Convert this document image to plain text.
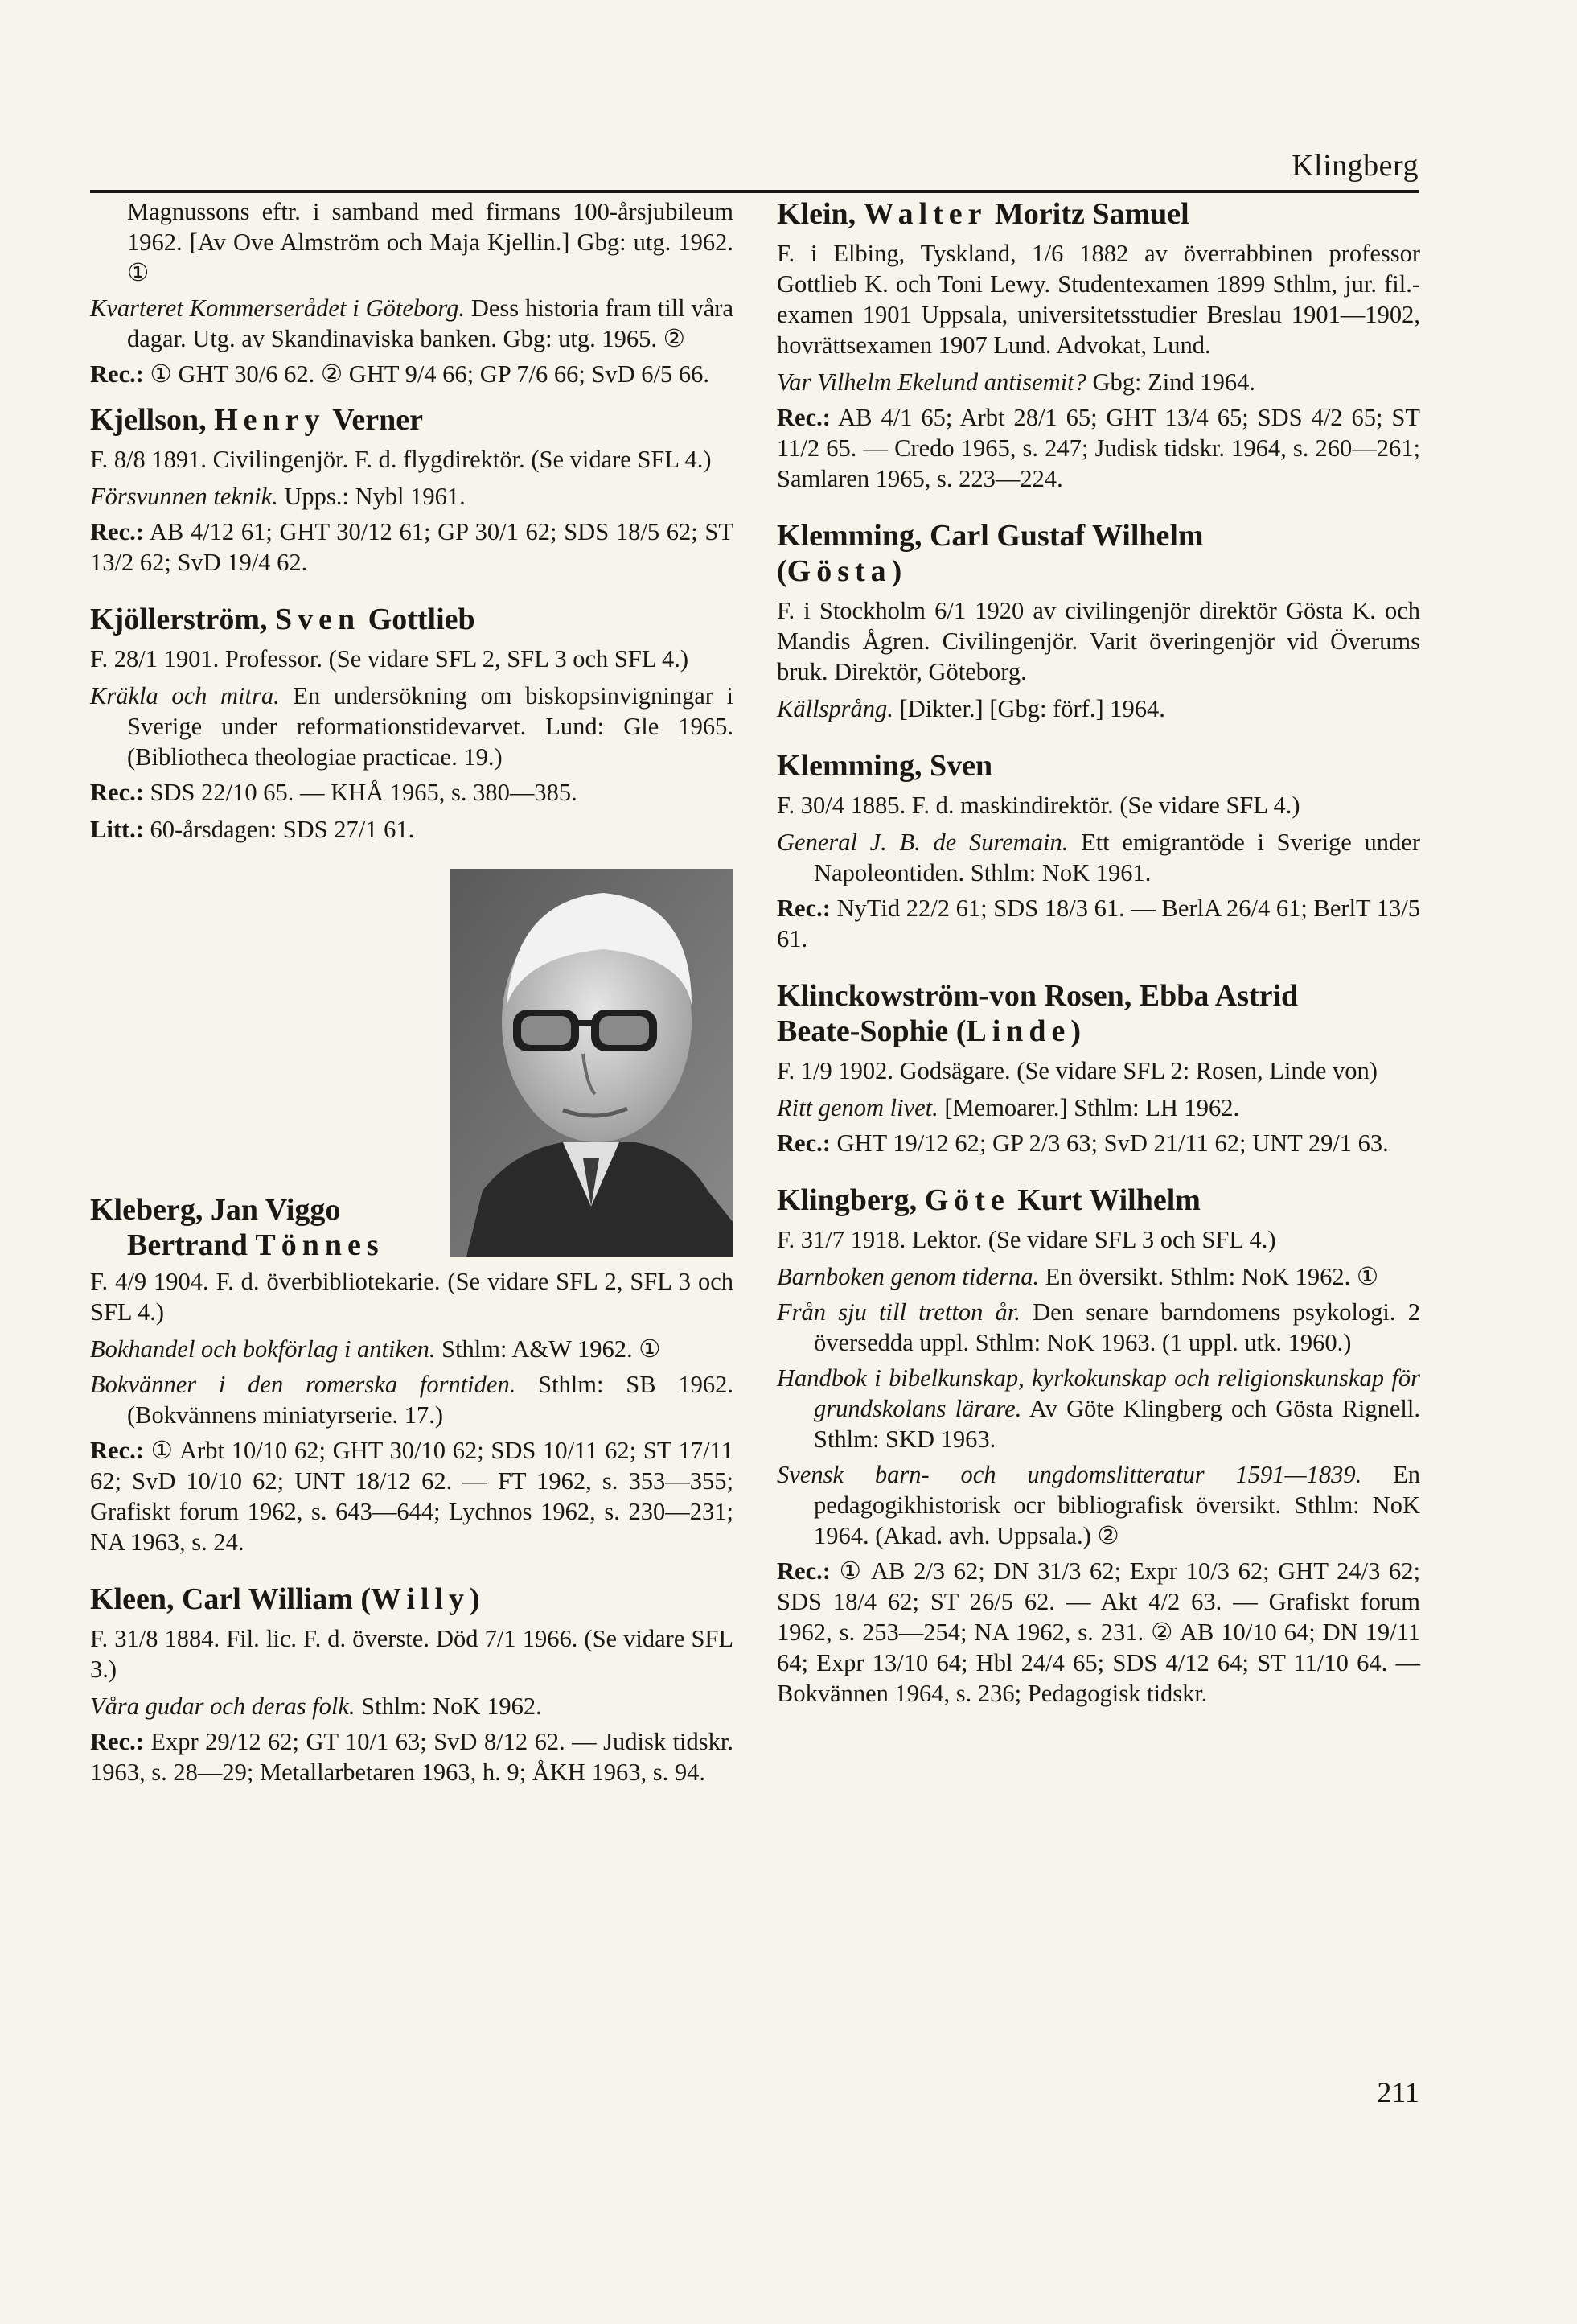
Klingberg

Magnussons eftr. i samband med firmans 100-årsjubileum 1962. [Av Ove Almström och Maja Kjellin.] Gbg: utg. 1962. ①

Kvarteret Kommerserådet i Göteborg. Dess historia fram till våra dagar. Utg. av Skandinaviska banken. Gbg: utg. 1965. ②

Rec.: ① GHT 30/6 62. ② GHT 9/4 66; GP 7/6 66; SvD 6/5 66.

Kjellson, Henry Verner

F. 8/8 1891. Civilingenjör. F. d. flygdirektör. (Se vidare SFL 4.)

Försvunnen teknik. Upps.: Nybl 1961.

Rec.: AB 4/12 61; GHT 30/12 61; GP 30/1 62; SDS 18/5 62; ST 13/2 62; SvD 19/4 62.

Kjöllerström, Sven Gottlieb

F. 28/1 1901. Professor. (Se vidare SFL 2, SFL 3 och SFL 4.)

Kräkla och mitra. En undersökning om biskopsinvigningar i Sverige under reformationstidevarvet. Lund: Gle 1965. (Bibliotheca theologiae practicae. 19.)

Rec.: SDS 22/10 65. — KHÅ 1965, s. 380—385.

Litt.: 60-årsdagen: SDS 27/1 61.

Kleberg, Jan Viggo
Bertrand Tönnes

F. 4/9 1904. F. d. överbibliotekarie. (Se vidare SFL 2, SFL 3 och SFL 4.)

Bokhandel och bokförlag i antiken. Sthlm: A&W 1962. ①

Bokvänner i den romerska forntiden. Sthlm: SB 1962. (Bokvännens miniatyrserie. 17.)

Rec.: ① Arbt 10/10 62; GHT 30/10 62; SDS 10/11 62; ST 17/11 62; SvD 10/10 62; UNT 18/12 62. — FT 1962, s. 353—355; Grafiskt forum 1962, s. 643—644; Lychnos 1962, s. 230—231; NA 1963, s. 24.

Kleen, Carl William (Willy)

F. 31/8 1884. Fil. lic. F. d. överste. Död 7/1 1966. (Se vidare SFL 3.)

Våra gudar och deras folk. Sthlm: NoK 1962.

Rec.: Expr 29/12 62; GT 10/1 63; SvD 8/12 62. — Judisk tidskr. 1963, s. 28—29; Metallarbetaren 1963, h. 9; ÅKH 1963, s. 94.

Klein, Walter Moritz Samuel

F. i Elbing, Tyskland, 1/6 1882 av överrabbinen professor Gottlieb K. och Toni Lewy. Studentexamen 1899 Sthlm, jur. fil.-examen 1901 Uppsala, universitetsstudier Breslau 1901—1902, hovrättsexamen 1907 Lund. Advokat, Lund.

Var Vilhelm Ekelund antisemit? Gbg: Zind 1964.

Rec.: AB 4/1 65; Arbt 28/1 65; GHT 13/4 65; SDS 4/2 65; ST 11/2 65. — Credo 1965, s. 247; Judisk tidskr. 1964, s. 260—261; Samlaren 1965, s. 223—224.

Klemming, Carl Gustaf Wilhelm
(Gösta)

F. i Stockholm 6/1 1920 av civilingenjör direktör Gösta K. och Mandis Ågren. Civilingenjör. Varit överingenjör vid Överums bruk. Direktör, Göteborg.

Källsprång. [Dikter.] [Gbg: förf.] 1964.

Klemming, Sven

F. 30/4 1885. F. d. maskindirektör. (Se vidare SFL 4.)

General J. B. de Suremain. Ett emigrantöde i Sverige under Napoleontiden. Sthlm: NoK 1961.

Rec.: NyTid 22/2 61; SDS 18/3 61. — BerlA 26/4 61; BerlT 13/5 61.

Klinckowström-von Rosen, Ebba Astrid
Beate-Sophie (Linde)

F. 1/9 1902. Godsägare. (Se vidare SFL 2: Rosen, Linde von)

Ritt genom livet. [Memoarer.] Sthlm: LH 1962.

Rec.: GHT 19/12 62; GP 2/3 63; SvD 21/11 62; UNT 29/1 63.

Klingberg, Göte Kurt Wilhelm

F. 31/7 1918. Lektor. (Se vidare SFL 3 och SFL 4.)

Barnboken genom tiderna. En översikt. Sthlm: NoK 1962. ①

Från sju till tretton år. Den senare barndomens psykologi. 2 översedda uppl. Sthlm: NoK 1963. (1 uppl. utk. 1960.)

Handbok i bibelkunskap, kyrkokunskap och religionskunskap för grundskolans lärare. Av Göte Klingberg och Gösta Rignell. Sthlm: SKD 1963.

Svensk barn- och ungdomslitteratur 1591—1839. En pedagogikhistorisk ocr bibliografisk översikt. Sthlm: NoK 1964. (Akad. avh. Uppsala.) ②

Rec.: ① AB 2/3 62; DN 31/3 62; Expr 10/3 62; GHT 24/3 62; SDS 18/4 62; ST 26/5 62. — Akt 4/2 63. — Grafiskt forum 1962, s. 253—254; NA 1962, s. 231. ② AB 10/10 64; DN 19/11 64; Expr 13/10 64; Hbl 24/4 65; SDS 4/12 64; ST 11/10 64. — Bokvännen 1964, s. 236; Pedagogisk tidskr.

211
